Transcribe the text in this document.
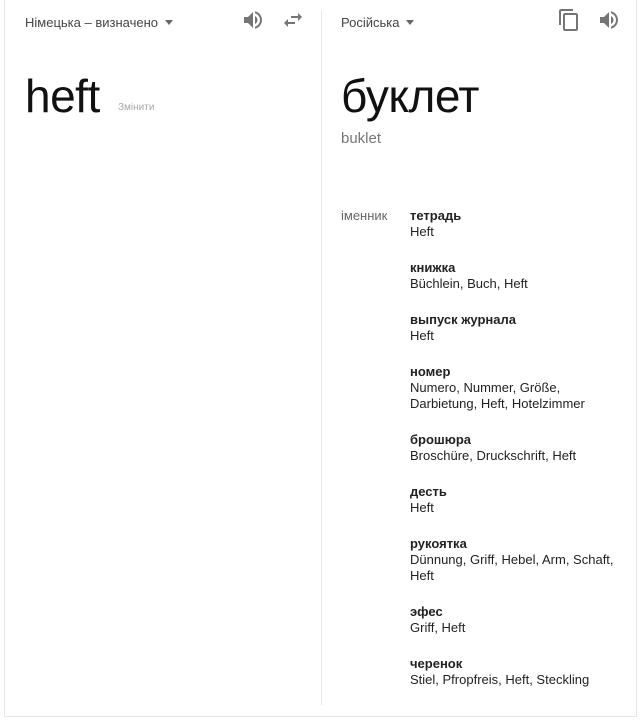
Німецька – визначено
heft Змінити
Російська
буклет
buklet
іменник тетрадь
Heft
книжка
Büchlein, Buch, Heft
выпуск журнала
Heft
номер
Numero, Nummer, Größe, Darbietung, Heft, Hotelzimmer
брошюра
Broschüre, Druckschrift, Heft
десть
Heft
рукоятка
Dünnung, Griff, Hebel, Arm, Schaft, Heft
эфес
Griff, Heft
черенок
Stiel, Pfropfreis, Heft, Steckling
